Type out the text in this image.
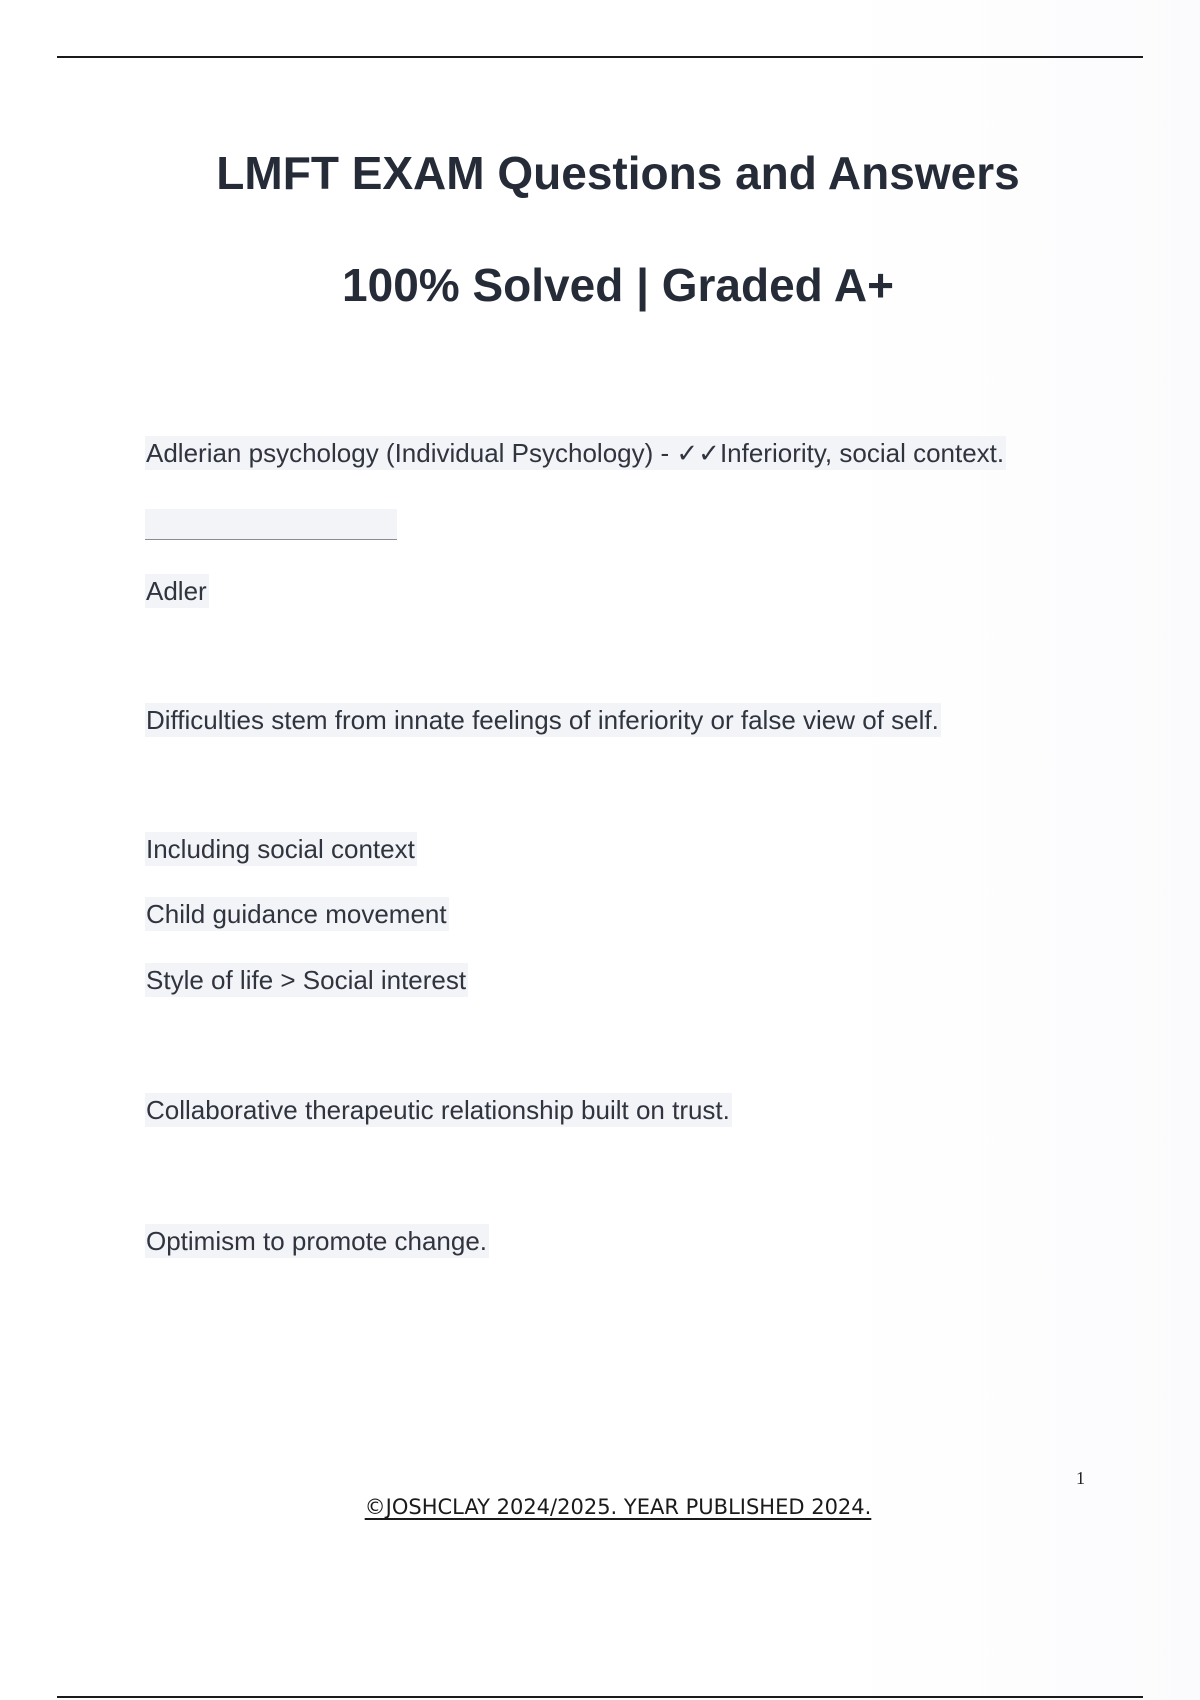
LMFT EXAM Questions and Answers
100% Solved | Graded A+

Adlerian psychology (Individual Psychology) - ✓✓Inferiority, social context.

Adler

Difficulties stem from innate feelings of inferiority or false view of self.

Including social context

Child guidance movement

Style of life > Social interest

Collaborative therapeutic relationship built on trust.

Optimism to promote change.

1
©JOSHCLAY 2024/2025. YEAR PUBLISHED 2024.
